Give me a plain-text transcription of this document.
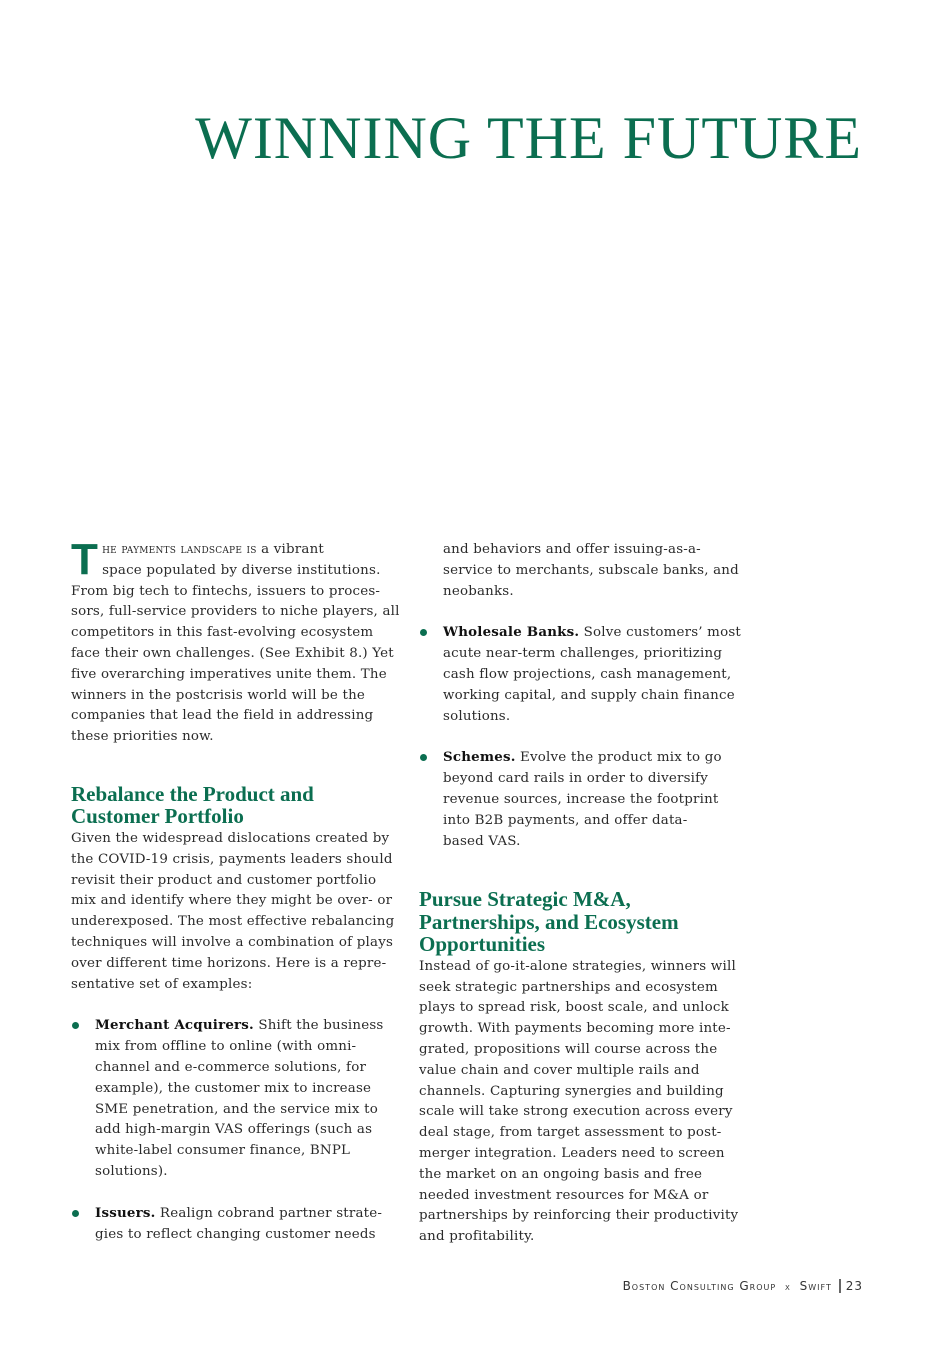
WINNING THE FUTURE

The payments landscape is a vibrant
space populated by diverse institutions.
From big tech to fintechs, issuers to proces-
sors, full-service providers to niche players, all
competitors in this fast-evolving ecosystem
face their own challenges. (See Exhibit 8.) Yet
five overarching imperatives unite them. The
winners in the postcrisis world will be the
companies that lead the field in addressing
these priorities now.

Rebalance the Product and
Customer Portfolio

Given the widespread dislocations created by
the COVID-19 crisis, payments leaders should
revisit their product and customer portfolio
mix and identify where they might be over- or
underexposed. The most effective rebalancing
techniques will involve a combination of plays
over different time horizons. Here is a repre-
sentative set of examples:

Merchant Acquirers. Shift the business
mix from offline to online (with omni-
channel and e-commerce solutions, for
example), the customer mix to increase
SME penetration, and the service mix to
add high-margin VAS offerings (such as
white-label consumer finance, BNPL
solutions).

Issuers. Realign cobrand partner strate-
gies to reflect changing customer needs

and behaviors and offer issuing-as-a-
service to merchants, subscale banks, and
neobanks.

Wholesale Banks. Solve customers’ most
acute near-term challenges, prioritizing
cash flow projections, cash management,
working capital, and supply chain finance
solutions.

Schemes. Evolve the product mix to go
beyond card rails in order to diversify
revenue sources, increase the footprint
into B2B payments, and offer data-
based VAS.

Pursue Strategic M&A,
Partnerships, and Ecosystem
Opportunities

Instead of go-it-alone strategies, winners will
seek strategic partnerships and ecosystem
plays to spread risk, boost scale, and unlock
growth. With payments becoming more inte-
grated, propositions will course across the
value chain and cover multiple rails and
channels. Capturing synergies and building
scale will take strong execution across every
deal stage, from target assessment to post-
merger integration. Leaders need to screen
the market on an ongoing basis and free
needed investment resources for M&A or
partnerships by reinforcing their productivity
and profitability.

Boston Consulting Group x Swift 23
